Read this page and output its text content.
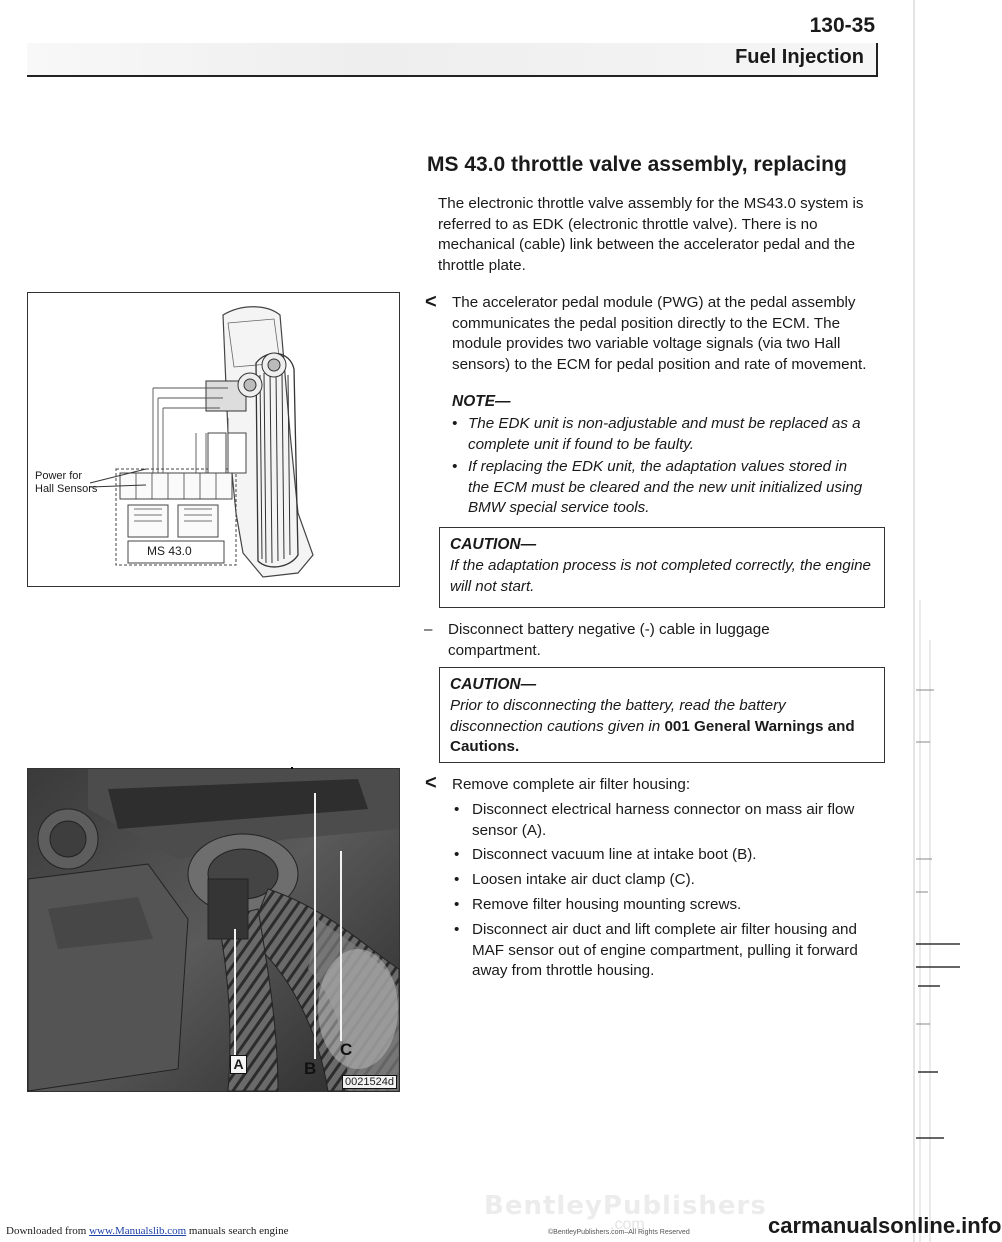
130-35
Fuel Injection
MS 43.0 throttle valve assembly, replacing
The electronic throttle valve assembly for the MS43.0 system is referred to as EDK (electronic throttle valve). There is no mechanical (cable) link between the accelerator pedal and the throttle plate.
Power for
Hall Sensors
MS 43.0
< The accelerator pedal module (PWG) at the pedal assembly communicates the pedal position directly to the ECM. The module provides two variable voltage signals (via two Hall sensors) to the ECM for pedal position and rate of movement.
NOTE—
• The EDK unit is non-adjustable and must be replaced as a complete unit if found to be faulty.
• If replacing the EDK unit, the adaptation values stored in the ECM must be cleared and the new unit initialized using BMW special service tools.
CAUTION—
If the adaptation process is not completed correctly, the engine will not start.
–	Disconnect battery negative (-) cable in luggage compartment.
CAUTION—
Prior to disconnecting the battery, read the battery disconnection cautions given in 001 General Warnings and Cautions.
A	B
C
0021524d
< Remove complete air filter housing:
• Disconnect electrical harness connector on mass air flow sensor (A).
• Disconnect vacuum line at intake boot (B).
• Loosen intake air duct clamp (C).
• Remove filter housing mounting screws.
• Disconnect air duct and lift complete air filter housing and MAF sensor out of engine compartment, pulling it forward away from throttle housing.
BentleyPublishers
.com
©BentleyPublishers.com–All Rights Reserved
Downloaded from www.Manualslib.com manuals search engine	carmanualsonline.info
